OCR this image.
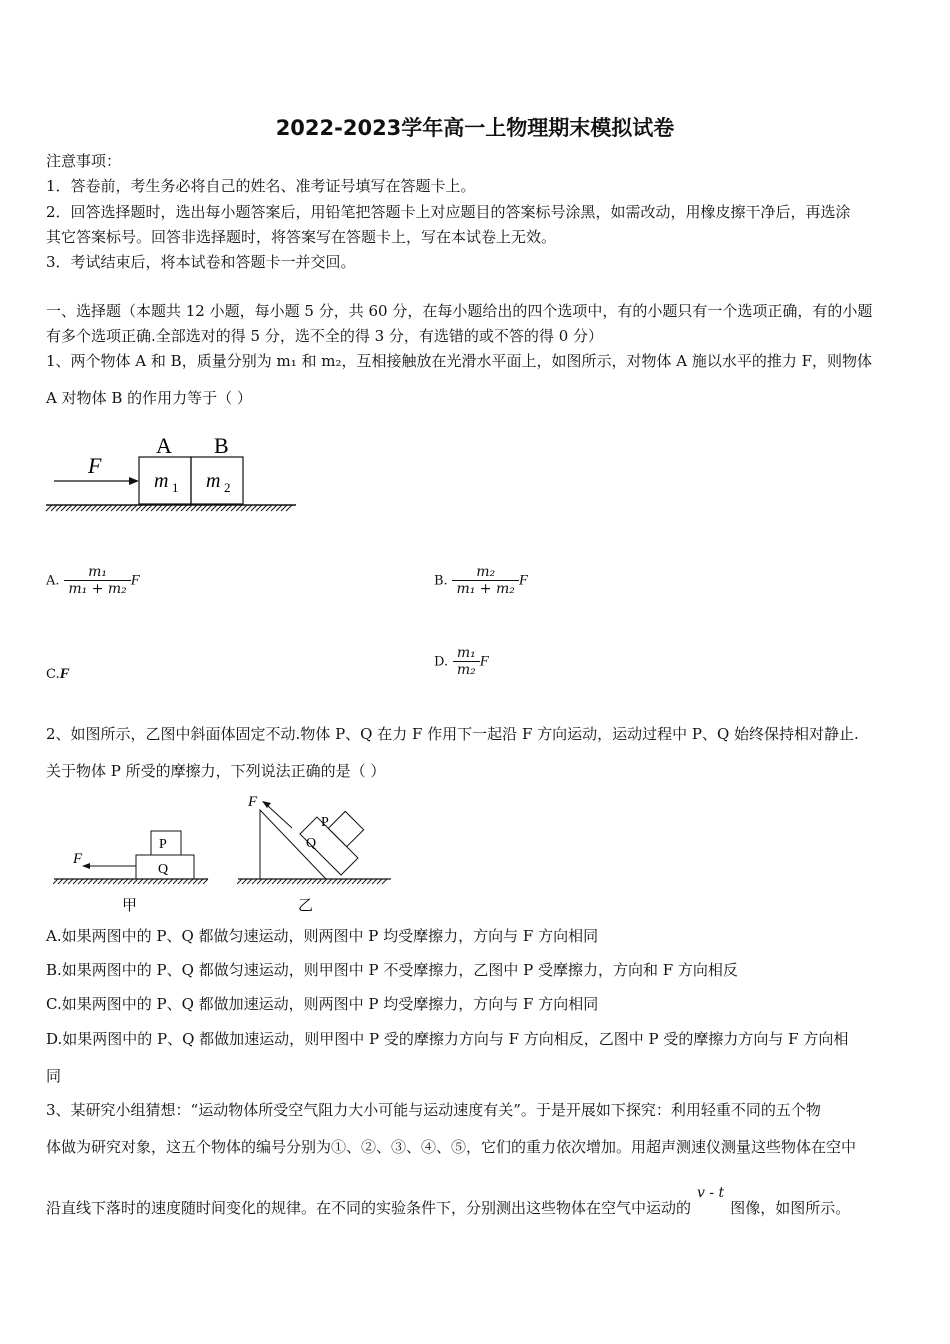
2022-2023学年高一上物理期末模拟试卷
注意事项：
1．答卷前，考生务必将自己的姓名、准考证号填写在答题卡上。
2．回答选择题时，选出每小题答案后，用铅笔把答题卡上对应题目的答案标号涂黑，如需改动，用橡皮擦干净后，再选涂
其它答案标号。回答非选择题时，将答案写在答题卡上，写在本试卷上无效。
3．考试结束后，将本试卷和答题卡一并交回。
一、选择题（本题共 12 小题，每小题 5 分，共 60 分，在每小题给出的四个选项中，有的小题只有一个选项正确，有的小题
有多个选项正确.全部选对的得 5 分，选不全的得 3 分，有选错的或不答的得 0 分）
1、两个物体 A 和 B，质量分别为 m₁ 和 m₂，互相接触放在光滑水平面上，如图所示，对物体 A 施以水平的推力 F，则物体
A 对物体 B 的作用力等于（ ）
A B
m 1 m 2
F
A. $\frac{\text{m₁}}{\text{m₁ + m₂}}$ F	B. $\frac{\text{m₂}}{\text{m₁ + m₂}}$ F
C.F
D. $\frac{\text{m₁}}{\text{m₂}}$ F
2、如图所示，乙图中斜面体固定不动.物体 P、Q 在力 F 作用下一起沿 F 方向运动，运动过程中 P、Q 始终保持相对静止.
关于物体 P 所受的摩擦力，下列说法正确的是（ ）
P
Q
F
甲
Q
P
F
乙
A.如果两图中的 P、Q 都做匀速运动，则两图中 P 均受摩擦力，方向与 F 方向相同
B.如果两图中的 P、Q 都做匀速运动，则甲图中 P 不受摩擦力，乙图中 P 受摩擦力，方向和 F 方向相反
C.如果两图中的 P、Q 都做加速运动，则两图中 P 均受摩擦力，方向与 F 方向相同
D.如果两图中的 P、Q 都做加速运动，则甲图中 P 受的摩擦力方向与 F 方向相反，乙图中 P 受的摩擦力方向与 F 方向相
同
3、某研究小组猜想：“运动物体所受空气阻力大小可能与运动速度有关”。于是开展如下探究：利用轻重不同的五个物
体做为研究对象，这五个物体的编号分别为①、②、③、④、⑤，它们的重力依次增加。用超声测速仪测量这些物体在空中
沿直线下落时的速度随时间变化的规律。在不同的实验条件下，分别测出这些物体在空气中运动的v - t图像，如图所示。
